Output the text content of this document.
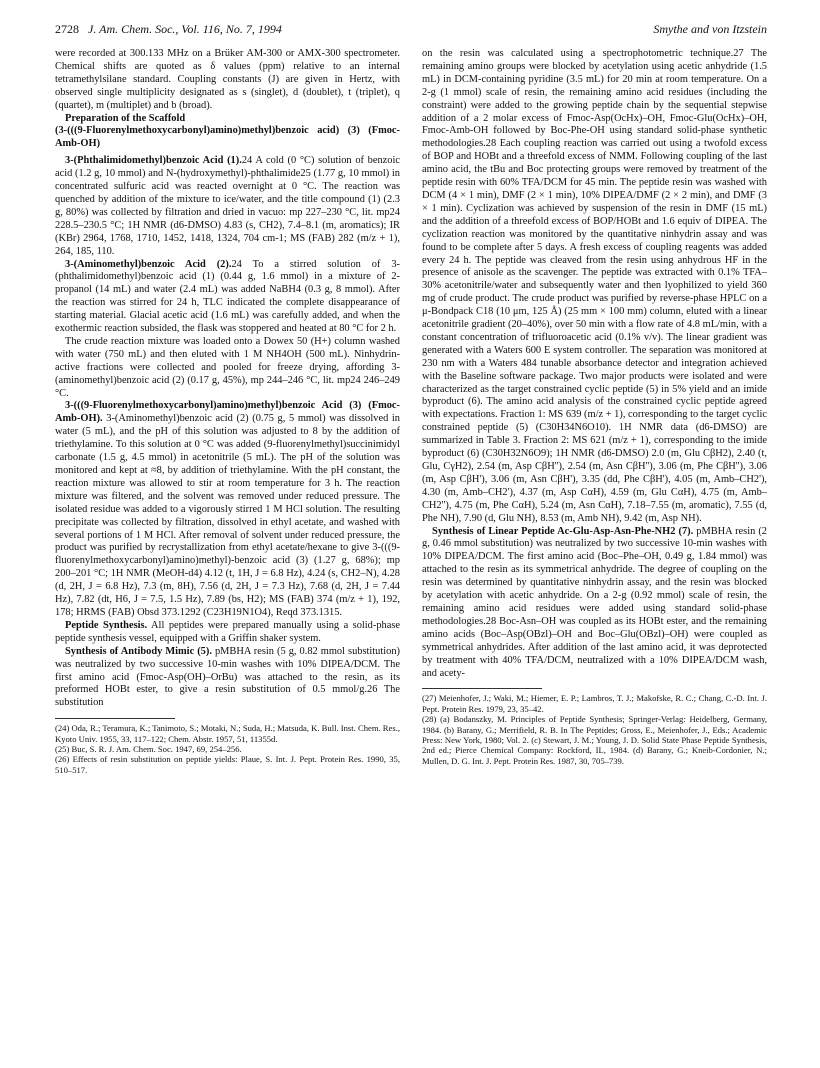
2728 J. Am. Chem. Soc., Vol. 116, No. 7, 1994	Smythe and von Itzstein

were recorded at 300.133 MHz on a Brüker AM-300 or AMX-300 spectrometer. Chemical shifts are quoted as δ values (ppm) relative to an internal tetramethylsilane standard. Coupling constants (J) are given in Hertz, with observed single multiplicity designated as s (singlet), d (doublet), t (triplet), q (quartet), m (multiplet) and b (broad).

Preparation of the Scaffold

(3-(((9-Fluorenylmethoxycarbonyl)amino)methyl)benzoic acid) (3) (Fmoc-Amb-OH)

3-(Phthalimidomethyl)benzoic Acid (1).24 A cold (0 °C) solution of benzoic acid (1.2 g, 10 mmol) and N-(hydroxymethyl)-phthalimide25 (1.77 g, 10 mmol) in concentrated sulfuric acid was reacted overnight at 0 °C. The reaction was quenched by addition of the mixture to ice/water, and the title compound (1) (2.3 g, 80%) was collected by filtration and dried in vacuo: mp 227–230 °C, lit. mp24 228.5–230.5 °C; 1H NMR (d6-DMSO) 4.83 (s, CH2), 7.4–8.1 (m, aromatics); IR (KBr) 2964, 1768, 1710, 1452, 1418, 1324, 704 cm-1; MS (FAB) 282 (m/z + 1), 264, 185, 110.

3-(Aminomethyl)benzoic Acid (2).24 To a stirred solution of 3-(phthalimidomethyl)benzoic acid (1) (0.44 g, 1.6 mmol) in a mixture of 2-propanol (14 mL) and water (2.4 mL) was added NaBH4 (0.3 g, 8 mmol). After the reaction was stirred for 24 h, TLC indicated the complete disappearance of starting material. Glacial acetic acid (1.6 mL) was carefully added, and when the exothermic reaction subsided, the flask was stoppered and heated at 80 °C for 2 h.

The crude reaction mixture was loaded onto a Dowex 50 (H+) column washed with water (750 mL) and then eluted with 1 M NH4OH (500 mL). Ninhydrin-active fractions were collected and pooled for freeze drying, affording 3-(aminomethyl)benzoic acid (2) (0.17 g, 45%), mp 244–246 °C, lit. mp24 246–249 °C.

3-(((9-Fluorenylmethoxycarbonyl)amino)methyl)benzoic Acid (3) (Fmoc-Amb-OH). 3-(Aminomethyl)benzoic acid (2) (0.75 g, 5 mmol) was dissolved in water (5 mL), and the pH of this solution was adjusted to 8 by the addition of triethylamine. To this solution at 0 °C was added (9-fluorenylmethyl)succinimidyl carbonate (1.5 g, 4.5 mmol) in acetonitrile (5 mL). The pH of the solution was monitored and kept at ≈8, by addition of triethylamine. With the pH constant, the reaction mixture was allowed to stir at room temperature for 3 h. The reaction mixture was filtered, and the solvent was removed under reduced pressure. The isolated residue was added to a vigorously stirred 1 M HCl solution. The resulting precipitate was collected by filtration, dissolved in ethyl acetate, and washed with several portions of 1 M HCl. After removal of solvent under reduced pressure, the product was purified by recrystallization from ethyl acetate/hexane to give 3-(((9-fluorenylmethoxycarbonyl)amino)methyl)-benzoic acid (3) (1.27 g, 68%); mp 200–201 °C; 1H NMR (MeOH-d4) 4.12 (t, 1H, J = 6.8 Hz), 4.24 (s, CH2–N), 4.28 (d, 2H, J = 6.8 Hz), 7.3 (m, 8H), 7.56 (d, 2H, J = 7.3 Hz), 7.68 (d, 2H, J = 7.44 Hz), 7.82 (dt, H6, J = 7.5, 1.5 Hz), 7.89 (bs, H2); MS (FAB) 374 (m/z + 1), 192, 178; HRMS (FAB) Obsd 373.1292 (C23H19N1O4), Reqd 373.1315.

Peptide Synthesis. All peptides were prepared manually using a solid-phase peptide synthesis vessel, equipped with a Griffin shaker system.

Synthesis of Antibody Mimic (5). pMBHA resin (5 g, 0.82 mmol substitution) was neutralized by two successive 10-min washes with 10% DIPEA/DCM. The first amino acid (Fmoc-Asp(OH)–OrBu) was attached to the resin, as its preformed HOBt ester, to give a resin substitution of 0.5 mmol/g.26 The substitution

(24) Oda, R.; Teramura, K.; Tanimoto, S.; Motaki, N.; Suda, H.; Matsuda, K. Bull. Inst. Chem. Res., Kyoto Univ. 1955, 33, 117–122; Chem. Abstr. 1957, 51, 11355d.

(25) Buc, S. R. J. Am. Chem. Soc. 1947, 69, 254–256.

(26) Effects of resin substitution on peptide yields: Plaue, S. Int. J. Pept. Protein Res. 1990, 35, 510–517.

on the resin was calculated using a spectrophotometric technique.27 The remaining amino groups were blocked by acetylation using acetic anhydride (1.5 mL) in DCM-containing pyridine (3.5 mL) for 20 min at room temperature. On a 2-g (1 mmol) scale of resin, the remaining amino acid residues (including the constraint) were added to the growing peptide chain by the sequential stepwise addition of a 2 molar excess of Fmoc-Asp(OcHx)–OH, Fmoc-Glu(OcHx)–OH, Fmoc-Amb-OH followed by Boc-Phe-OH using standard solid-phase synthetic methodologies.28 Each coupling reaction was carried out using a twofold excess of BOP and HOBt and a threefold excess of NMM. Following coupling of the last amino acid, the tBu and Boc protecting groups were removed by treatment of the peptide resin with 60% TFA/DCM for 45 min. The peptide resin was washed with DCM (4 × 1 min), DMF (2 × 1 min), 10% DIPEA/DMF (2 × 2 min), and DMF (3 × 1 min). Cyclization was achieved by suspension of the resin in DMF (15 mL) and the addition of a threefold excess of BOP/HOBt and 1.6 equiv of DIPEA. The cyclization reaction was monitored by the quantitative ninhydrin assay and was found to be complete after 5 days. A fresh excess of coupling reagents was added every 24 h. The peptide was cleaved from the resin using anhydrous HF in the presence of anisole as the scavenger. The peptide was extracted with 0.1% TFA–30% acetonitrile/water and subsequently water and then lyophilized to yield 360 mg of crude product. The crude product was purified by reverse-phase HPLC on a μ-Bondpack C18 (10 μm, 125 Å) (25 mm × 100 mm) column, eluted with a linear acetonitrile gradient (20–40%), over 50 min with a flow rate of 4.8 mL/min, with a constant concentration of trifluoroacetic acid (0.1% v/v). The linear gradient was generated with a Waters 600 E system controller. The separation was monitored at 230 nm with a Waters 484 tunable absorbance detector and integration achieved with the Baseline software package. Two major products were isolated and were characterized as the target constrained cyclic peptide (5) in 5% yield and an imide byproduct (6). The amino acid analysis of the constrained cyclic peptide agreed with expectations. Fraction 1: MS 639 (m/z + 1), corresponding to the target cyclic constrained peptide (5) (C30H34N6O10). 1H NMR data (d6-DMSO) are summarized in Table 3. Fraction 2: MS 621 (m/z + 1), corresponding to the imide byproduct (6) (C30H32N6O9); 1H NMR (d6-DMSO) 2.0 (m, Glu CβH2), 2.40 (t, Glu, CγH2), 2.54 (m, Asp CβH''), 2.54 (m, Asn CβH''), 3.06 (m, Phe CβH''), 3.06 (m, Asp CβH'), 3.06 (m, Asn CβH'), 3.35 (dd, Phe CβH'), 4.05 (m, Amb–CH2'), 4.30 (m, Amb–CH2'), 4.37 (m, Asp CαH), 4.59 (m, Glu CαH), 4.75 (m, Amb–CH2''), 4.75 (m, Phe CαH), 5.24 (m, Asn CαH), 7.18–7.55 (m, aromatic), 7.55 (d, Phe NH), 7.90 (d, Glu NH), 8.53 (m, Amb NH), 9.42 (m, Asp NH).

Synthesis of Linear Peptide Ac-Glu-Asp-Asn-Phe-NH2 (7). pMBHA resin (2 g, 0.46 mmol substitution) was neutralized by two successive 10-min washes with 10% DIPEA/DCM. The first amino acid (Boc–Phe–OH, 0.49 g, 1.84 mmol) was attached to the resin as its symmetrical anhydride. The degree of coupling on the resin was determined by quantitative ninhydrin assay, and the resin was blocked by acetylation with acetic anhydride. On a 2-g (0.92 mmol) scale of resin, the remaining amino acid residues were added using standard solid-phase methodologies.28 Boc-Asn–OH was coupled as its HOBt ester, and the remaining amino acids (Boc–Asp(OBzl)–OH and Boc–Glu(OBzl)–OH) were coupled as symmetrical anhydrides. After addition of the last amino acid, it was deprotected by treatment with 40% TFA/DCM, neutralized with a 10% DIPEA/DCM wash, and acety-

(27) Meienhofer, J.; Waki, M.; Hiemer, E. P.; Lambros, T. J.; Makofske, R. C.; Chang, C.-D. Int. J. Pept. Protein Res. 1979, 23, 35–42.

(28) (a) Bodanszky, M. Principles of Peptide Synthesis; Springer-Verlag: Heidelberg, Germany, 1984. (b) Barany, G.; Merrifield, R. B. In The Peptides; Gross, E., Meienhofer, J., Eds.; Academic Press: New York, 1980; Vol. 2. (c) Stewart, J. M.; Young, J. D. Solid State Phase Peptide Synthesis, 2nd ed.; Pierce Chemical Company: Rockford, IL, 1984. (d) Barany, G.; Kneib-Cordonier, N.; Mullen, D. G. Int. J. Pept. Protein Res. 1987, 30, 705–739.
